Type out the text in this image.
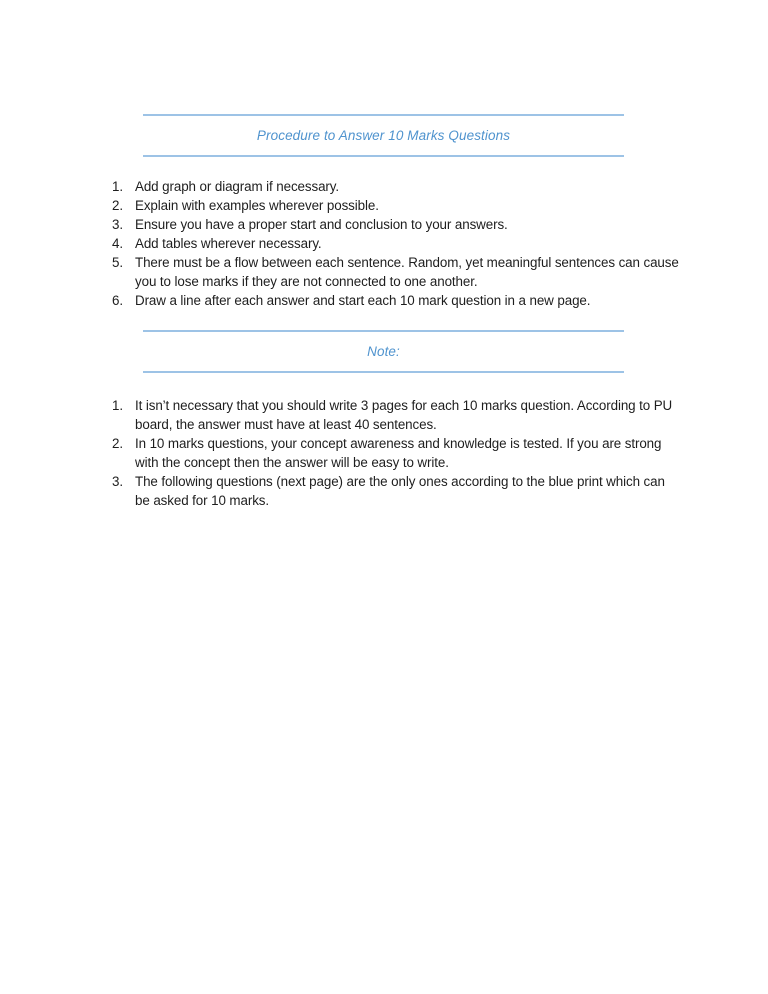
Procedure to Answer 10 Marks Questions
Add graph or diagram if necessary.
Explain with examples wherever possible.
Ensure you have a proper start and conclusion to your answers.
Add tables wherever necessary.
There must be a flow between each sentence. Random, yet meaningful sentences can cause you to lose marks if they are not connected to one another.
Draw a line after each answer and start each 10 mark question in a new page.
Note:
It isn’t necessary that you should write 3 pages for each 10 marks question. According to PU board, the answer must have at least 40 sentences.
In 10 marks questions, your concept awareness and knowledge is tested. If you are strong with the concept then the answer will be easy to write.
The following questions (next page) are the only ones according to the blue print which can be asked for 10 marks.
